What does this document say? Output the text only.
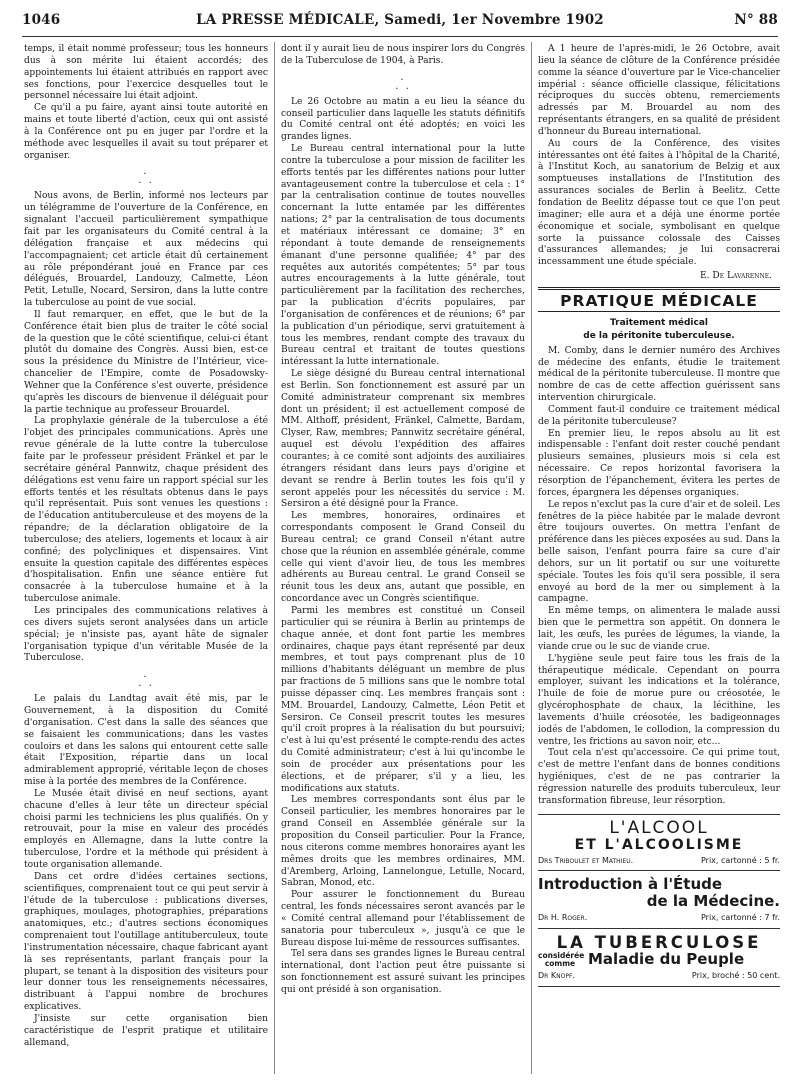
1046	LA PRESSE MÉDICALE, Samedi, 1er Novembre 1902	N° 88

temps, il était nommé professeur; tous les honneurs dus à son mérite lui étaient accordés; des appointements lui étaient attribués en rapport avec ses fonctions, pour l'exercice desquelles tout le personnel nécessaire lui était adjoint.

Ce qu'il a pu faire, ayant ainsi toute autorité en mains et toute liberté d'action, ceux qui ont assisté à la Conférence ont pu en juger par l'ordre et la méthode avec lesquelles il avait su tout préparer et organiser.

.
. .

Nous avons, de Berlin, informé nos lecteurs par un télégramme de l'ouverture de la Conférence, en signalant l'accueil particulièrement sympathique fait par les organisateurs du Comité central à la délégation française et aux médecins qui l'accompagnaient; cet article était dû certainement au rôle prépondérant joué en France par ces délégués, Brouardel, Landouzy, Calmette, Léon Petit, Letulle, Nocard, Sersiron, dans la lutte contre la tuberculose au point de vue social.

Il faut remarquer, en effet, que le but de la Conférence était bien plus de traiter le côté social de la question que le côté scientifique, celui-ci étant plutôt du domaine des Congrès. Aussi bien, est-ce sous la présidence du Ministre de l'Intérieur, vice-chancelier de l'Empire, comte de Posadowsky-Wehner que la Conférence s'est ouverte, présidence qu'après les discours de bienvenue il déléguait pour la partie technique au professeur Brouardel.

La prophylaxie générale de la tuberculose a été l'objet des principales communications. Après une revue générale de la lutte contre la tuberculose faite par le professeur président Fränkel et par le secrétaire général Pannwitz, chaque président des délégations est venu faire un rapport spécial sur les efforts tentés et les résultats obtenus dans le pays qu'il représentait. Puis sont venues les questions : de l'éducation antituberculeuse et des moyens de la répandre; de la déclaration obligatoire de la tuberculose; des ateliers, logements et locaux à air confiné; des polycliniques et dispensaires. Vint ensuite la question capitale des différentes espèces d'hospitalisation. Enfin une séance entière fut consacrée à la tuberculose humaine et à la tuberculose animale.

Les principales des communications relatives à ces divers sujets seront analysées dans un article spécial; je n'insiste pas, ayant hâte de signaler l'organisation typique d'un véritable Musée de la Tuberculose.

.
. .

Le palais du Landtag avait été mis, par le Gouvernement, à la disposition du Comité d'organisation. C'est dans la salle des séances que se faisaient les communications; dans les vastes couloirs et dans les salons qui entourent cette salle était l'Exposition, répartie dans un local admirablement approprié, véritable leçon de choses mise à la portée des membres de la Conférence.

Le Musée était divisé en neuf sections, ayant chacune d'elles à leur tête un directeur spécial choisi parmi les techniciens les plus qualifiés. On y retrouvait, pour la mise en valeur des procédés employés en Allemagne, dans la lutte contre la tuberculose, l'ordre et la méthode qui président à toute organisation allemande.

Dans cet ordre d'idées certaines sections, scientifiques, comprenaient tout ce qui peut servir à l'étude de la tuberculose : publications diverses, graphiques, moulages, photographies, préparations anatomiques, etc.; d'autres sections économiques comprenaient tout l'outillage antituberculeux, toute l'instrumentation nécessaire, chaque fabricant ayant là ses représentants, parlant français pour la plupart, se tenant à la disposition des visiteurs pour leur donner tous les renseignements nécessaires, distribuant à l'appui nombre de brochures explicatives.

J'insiste sur cette organisation bien caractéristique de l'esprit pratique et utilitaire allemand,

dont il y aurait lieu de nous inspirer lors du Congrès de la Tuberculose de 1904, à Paris.

.
. .

Le 26 Octobre au matin a eu lieu la séance du conseil particulier dans laquelle les statuts définitifs du Comité central ont été adoptés; en voici les grandes lignes.

Le Bureau central international pour la lutte contre la tuberculose a pour mission de faciliter les efforts tentés par les différentes nations pour lutter avantageusement contre la tuberculose et cela : 1° par la centralisation continue de toutes nouvelles concernant la lutte entamée par les différentes nations; 2° par la centralisation de tous documents et matériaux intéressant ce domaine; 3° en répondant à toute demande de renseignements émanant d'une personne qualifiée; 4° par des requêtes aux autorités compétentes; 5° par tous autres encouragements à la lutte générale, tout particulièrement par la facilitation des recherches, par la publication d'écrits populaires, par l'organisation de conférences et de réunions; 6° par la publication d'un périodique, servi gratuitement à tous les membres, rendant compte des travaux du Bureau central et traitant de toutes questions intéressant la lutte internationale.

Le siège désigné du Bureau central international est Berlin. Son fonctionnement est assuré par un Comité administrateur comprenant six membres dont un président; il est actuellement composé de MM. Althoff, président, Fränkel, Calmette, Bardam, Clyser, Raw, membres; Pannwitz secrétaire général, auquel est dévolu l'expédition des affaires courantes; à ce comité sont adjoints des auxiliaires étrangers résidant dans leurs pays d'origine et devant se rendre à Berlin toutes les fois qu'il y seront appelés pour les nécessités du service : M. Sersiron a été désigné pour la France.

Les membres, honoraires, ordinaires et correspondants composent le Grand Conseil du Bureau central; ce grand Conseil n'étant autre chose que la réunion en assemblée générale, comme celle qui vient d'avoir lieu, de tous les membres adhérents au Bureau central. Le grand Conseil se réunit tous les deux ans, autant que possible, en concordance avec un Congrès scientifique.

Parmi les membres est constitué un Conseil particulier qui se réunira à Berlin au printemps de chaque année, et dont font partie les membres ordinaires, chaque pays étant représenté par deux membres, et tout pays comprenant plus de 10 millions d'habitants déléguant un membre de plus par fractions de 5 millions sans que le nombre total puisse dépasser cinq. Les membres français sont : MM. Brouardel, Landouzy, Calmette, Léon Petit et Sersiron. Ce Conseil prescrit toutes les mesures qu'il croit propres à la réalisation du but poursuivi; c'est à lui qu'est présenté le compte-rendu des actes du Comité administrateur; c'est à lui qu'incombe le soin de procéder aux présentations pour les élections, et de préparer, s'il y a lieu, les modifications aux statuts.

Les membres correspondants sont élus par le Conseil particulier, les membres honoraires par le grand Conseil en Assemblée générale sur la proposition du Conseil particulier. Pour la France, nous citerons comme membres honoraires ayant les mêmes droits que les membres ordinaires, MM. d'Aremberg, Arloing, Lannelongue, Letulle, Nocard, Sabran, Monod, etc.

Pour assurer le fonctionnement du Bureau central, les fonds nécessaires seront avancés par le « Comité central allemand pour l'établissement de sanatoria pour tuberculeux », jusqu'à ce que le Bureau dispose lui-même de ressources suffisantes.

Tel sera dans ses grandes lignes le Bureau central international, dont l'action peut être puissante si son fonctionnement est assuré suivant les principes qui ont présidé à son organisation.

A 1 heure de l'après-midi, le 26 Octobre, avait lieu la séance de clôture de la Conférence présidée comme la séance d'ouverture par le Vice-chancelier impérial : séance officielle classique, félicitations réciproques du succès obtenu, remerciements adressés par M. Brouardel au nom des représentants étrangers, en sa qualité de président d'honneur du Bureau international.

Au cours de la Conférence, des visites intéressantes ont été faites à l'hôpital de la Charité, à l'Institut Koch, au sanatorium de Belzig et aux somptueuses installations de l'Institution des assurances sociales de Berlin à Beelitz. Cette fondation de Beelitz dépasse tout ce que l'on peut imaginer; elle aura et a déjà une énorme portée économique et sociale, symbolisant en quelque sorte la puissance colossale des Caisses d'assurances allemandes; je lui consacrerai incessamment une étude spéciale.

E. De Lavarenne.
PRATIQUE MÉDICALE
Traitement médical
de la péritonite tuberculeuse.

M. Comby, dans le dernier numéro des Archives de médecine des enfants, étudie le traitement médical de la péritonite tuberculeuse. Il montre que nombre de cas de cette affection guérissent sans intervention chirurgicale.

Comment faut-il conduire ce traitement médical de la péritonite tuberculeuse?

En premier lieu, le repos absolu au lit est indispensable : l'enfant doit rester couché pendant plusieurs semaines, plusieurs mois si cela est nécessaire. Ce repos horizontal favorisera la résorption de l'épanchement, évitera les pertes de forces, épargnera les dépenses organiques.

Le repos n'exclut pas la cure d'air et de soleil. Les fenêtres de la pièce habitée par le malade devront être toujours ouvertes. On mettra l'enfant de préférence dans les pièces exposées au sud. Dans la belle saison, l'enfant pourra faire sa cure d'air dehors, sur un lit portatif ou sur une voiturette spéciale. Toutes les fois qu'il sera possible, il sera envoyé au bord de la mer ou simplement à la campagne.

En même temps, on alimentera le malade aussi bien que le permettra son appétit. On donnera le lait, les œufs, les purées de légumes, la viande, la viande crue ou le suc de viande crue.

L'hygiène seule peut faire tous les frais de la thérapeutique médicale. Cependant on pourra employer, suivant les indications et la tolérance, l'huile de foie de morue pure ou créosotée, le glycérophosphate de chaux, la lécithine, les lavements d'huile créosotée, les badigeonnages iodés de l'abdomen, le collodion, la compression du ventre, les frictions au savon noir, etc...

Tout cela n'est qu'accessoire. Ce qui prime tout, c'est de mettre l'enfant dans de bonnes conditions hygiéniques, c'est de ne pas contrarier la régression naturelle des produits tuberculeux, leur transformation fibreuse, leur résorption.

L'ALCOOL
ET L'ALCOOLISME
Drs Triboulet et Mathieu.	Prix, cartonné : 5 fr.
Introduction à l'Étude
de la Médecine.
Dr H. Roger.	Prix, cartonné : 7 fr.
LA TUBERCULOSE
considérée comme Maladie du Peuple
Dr Knopf.	Prix, broché : 50 cent.
